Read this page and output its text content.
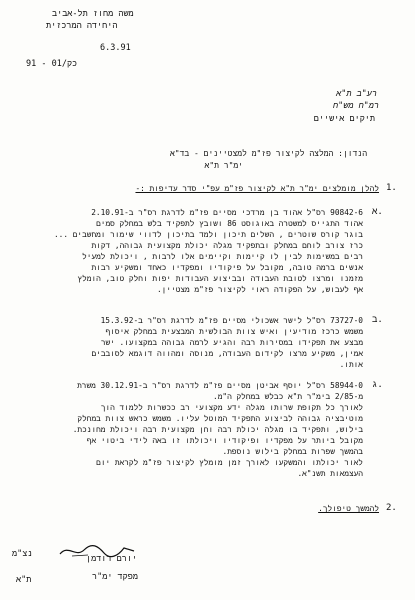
משה מחוז תל-אביב
היחידה המרכזית
6.3.91
91 - כק/01
רע"ב ת"א
רמ"ח מש"ח
תיקים אישיים
הנדון: המלצה לקיצור פז"מ למצטיינים - בד"א
ימ"ר ת"א
1.
להלן מומלצים ימ"ר ת"א לקיצור פז"מ עפ"י סדר עדיפות :-
א.
90842-6 רס"ל אהוד בן מרדכי מסיים פז"מ לדרגת רס"ר ב-2.10.91
אהוד התגייס למשטרה באוגוסט 86 ושובץ לתפקיד בלש במחלק סמים
בוגר קורס שוטרים , השלים תיכון ולמד בתיכון לדווי שימור ומחשבים ...
כרז צורב לוחם במחלק ובתפקיד מגלה יכולת מקצועית גבוהה, דקות
רבים במשימות לבין לו קיימות וקיימים אלו לרבות , ויכולת למעיל
אנשים ברמה טובה, מקובל על פיקודיו ומפקדיו כאחד ומשקיע רבות
מזמנו ומרצו לטובת העבודה ובביצוע העבודות יפות וחלק טוב, הומלץ
אף לעבוש, על הפקודה ראוי לקיצור פז"מ מצטיין.
ב.
73727-0 רס"ל לישר אשכולי מסיים פז"מ לדרגת רס"ר ב-15.3.92
משמש כרכז מודיעין ואיש צוות הבולשית המבצעית במחלק איסוף
מבצע את תפקידו במסירות רבה והגיע לרמה גבוהה במקצועו. ישר
אמין, משקיע מרצו לקידום העבודה, מנוסה ומהווה דוגמא לסובבים
אותו.
ג.
58944-0 רס"ל יוסף אביטן מסיים פז"מ לדרגת רס"ר ב-30.12.91 משרת
מ-2/85 בימ"ר ת"א כבלש במחלק ה"מ.
לאורך כל תקופת שרותו מגלה ידע מקצועי רב ככשרות ללמוד הוך
מוטיבציה גבוהה לביצוע התפקיד המוטל עליו. משמש כראש צוות במחלק
בילוש, ותפקיד בו מגלה יכולת רבה וחן מקצועית רבה ויכולת מחונכת.
מקובל ביותר על מפקדיו ופיקודיו ויכולתו זו באה לידי ביטוי אף
בהמשך שפרות במחלק בילוש נוספת.
לאור יכולתו והמשקעו לאורך זמן מומלץ לקיצור פז"מ לקראת יום
העצמאות תשנ"א.
2.
להמשך טיפולך.
נצ"מ	יורם רודמן
מפקד ימ"ר
ת"א
